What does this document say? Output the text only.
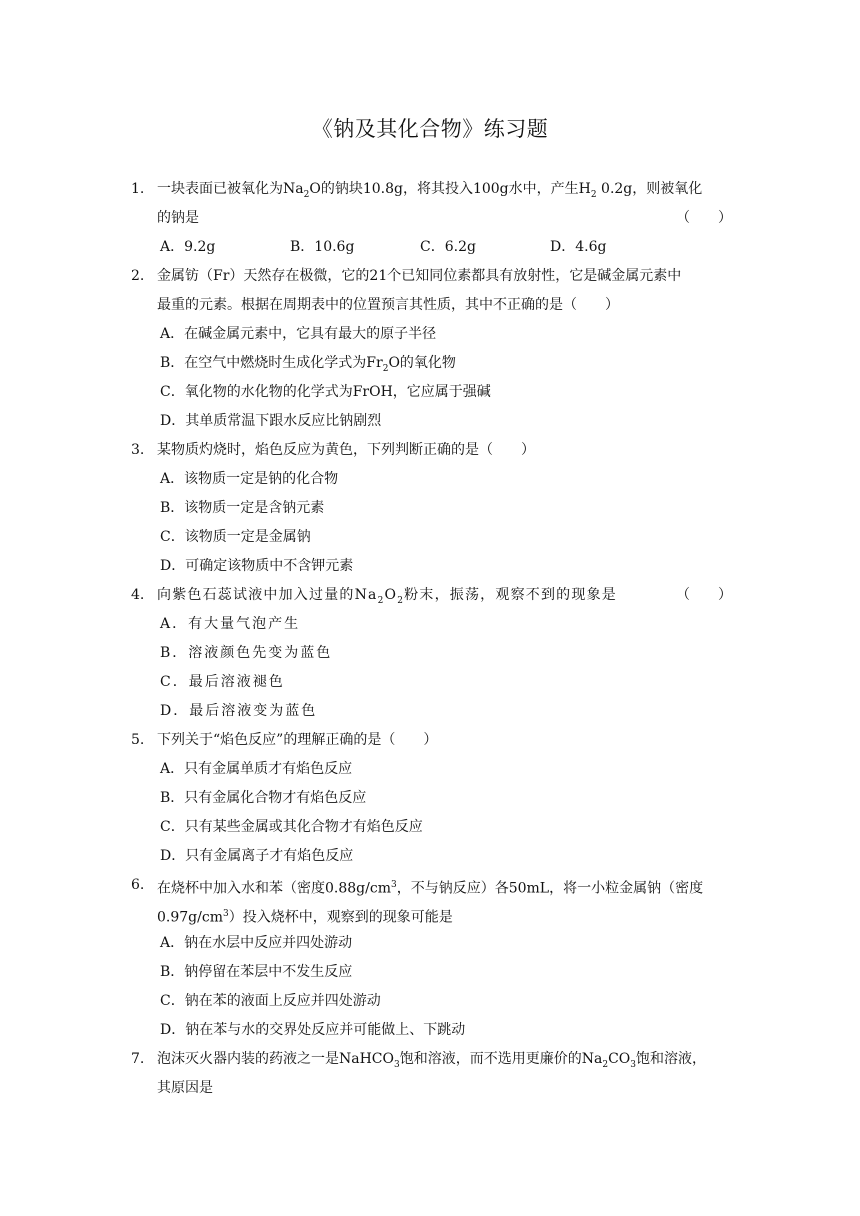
《钠及其化合物》练习题
1. 一块表面已被氧化为$Na_2O$的钠块10.8g，将其投入100g水中，产生$H_2$ 0.2g，则被氧化
的钠是	（　　）
A．9.2g	B．10.6g	C．6.2g	D．4.6g
2. 金属钫（Fr）天然存在极微，它的21个已知同位素都具有放射性，它是碱金属元素中
最重的元素。根据在周期表中的位置预言其性质，其中不正确的是（　　）
A．在碱金属元素中，它具有最大的原子半径
B．在空气中燃烧时生成化学式为$Fr_2O$的氧化物
C．氧化物的水化物的化学式为FrOH，它应属于强碱
D．其单质常温下跟水反应比钠剧烈
3. 某物质灼烧时，焰色反应为黄色，下列判断正确的是（　　）
A．该物质一定是钠的化合物
B．该物质一定是含钠元素
C．该物质一定是金属钠
D．可确定该物质中不含钾元素
4. 向紫色石蕊试液中加入过量的$Na_2O_2$粉末，振荡，观察不到的现象是	（　　）
A．有大量气泡产生
B．溶液颜色先变为蓝色
C．最后溶液褪色
D．最后溶液变为蓝色
5. 下列关于“焰色反应”的理解正确的是（　　）
A．只有金属单质才有焰色反应
B．只有金属化合物才有焰色反应
C．只有某些金属或其化合物才有焰色反应
D．只有金属离子才有焰色反应
6. 在烧杯中加入水和苯（密度$0.88g/cm^3$，不与钠反应）各50mL，将一小粒金属钠（密度
$0.97g/cm^3$）投入烧杯中，观察到的现象可能是
A．钠在水层中反应并四处游动
B．钠停留在苯层中不发生反应
C．钠在苯的液面上反应并四处游动
D．钠在苯与水的交界处反应并可能做上、下跳动
7. 泡沫灭火器内装的药液之一是NaHCO$_3$饱和溶液，而不选用更廉价的$Na_2CO_3$饱和溶液，
其原因是
